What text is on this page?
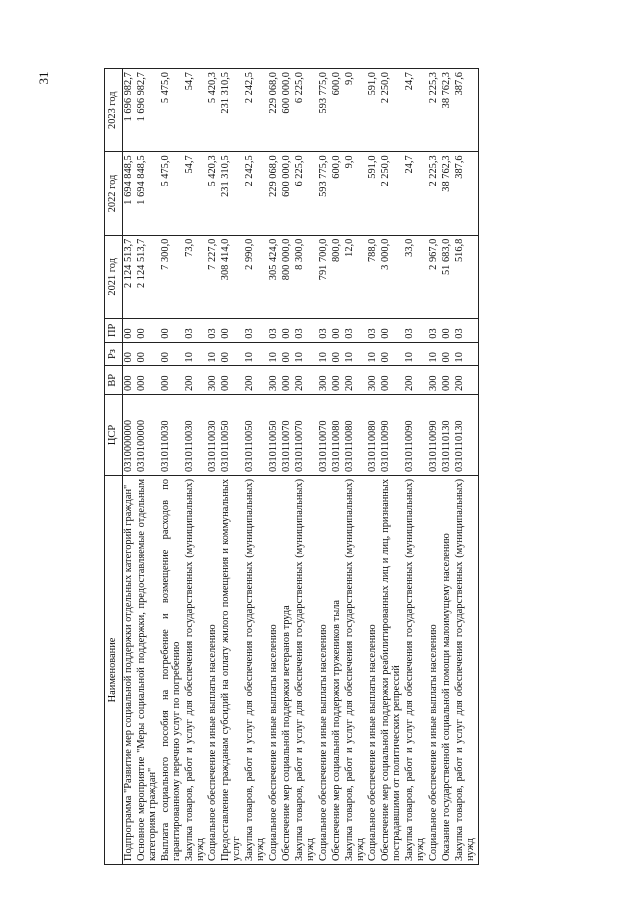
31
Наименование	ЦСР	ВР	Рз	ПР	2021 год	2022 год	2023 год
Подпрограмма "Развитие мер социальной поддержки отдельных категорий граждан"	0310000000	000	00	00	2 124 513,7	1 694 848,5	1 696 982,7
Основное мероприятие "Меры социальной поддержки, предоставляемые отдельным категориям граждан"	0310100000	000	00	00	2 124 513,7	1 694 848,5	1 696 982,7
Выплата социального пособия на погребение и возмещение расходов по гарантированному перечню услуг по погребению	0310110030	000	00	00	7 300,0	5 475,0	5 475,0
Закупка товаров, работ и услуг для обеспечения государственных (муниципальных) нужд	0310110030	200	10	03	73,0	54,7	54,7
Социальное обеспечение и иные выплаты населению	0310110030	300	10	03	7 227,0	5 420,3	5 420,3
Предоставление гражданам субсидий на оплату жилого помещения и коммунальных услуг	0310110050	000	00	00	308 414,0	231 310,5	231 310,5
Закупка товаров, работ и услуг для обеспечения государственных (муниципальных) нужд	0310110050	200	10	03	2 990,0	2 242,5	2 242,5
Социальное обеспечение и иные выплаты населению	0310110050	300	10	03	305 424,0	229 068,0	229 068,0
Обеспечение мер социальной поддержки ветеранов труда	0310110070	000	00	00	800 000,0	600 000,0	600 000,0
Закупка товаров, работ и услуг для обеспечения государственных (муниципальных) нужд	0310110070	200	10	03	8 300,0	6 225,0	6 225,0
Социальное обеспечение и иные выплаты населению	0310110070	300	10	03	791 700,0	593 775,0	593 775,0
Обеспечение мер социальной поддержки тружеников тыла	0310110080	000	00	00	800,0	600,0	600,0
Закупка товаров, работ и услуг для обеспечения государственных (муниципальных) нужд	0310110080	200	10	03	12,0	9,0	9,0
Социальное обеспечение и иные выплаты населению	0310110080	300	10	03	788,0	591,0	591,0
Обеспечение мер социальной поддержки реабилитированных лиц и лиц, признанных пострадавшими от политических репрессий	0310110090	000	00	00	3 000,0	2 250,0	2 250,0
Закупка товаров, работ и услуг для обеспечения государственных (муниципальных) нужд	0310110090	200	10	03	33,0	24,7	24,7
Социальное обеспечение и иные выплаты населению	0310110090	300	10	03	2 967,0	2 225,3	2 225,3
Оказание государственной социальной помощи малоимущему населению	0310110130	000	00	00	51 683,0	38 762,3	38 762,3
Закупка товаров, работ и услуг для обеспечения государственных (муниципальных) нужд	0310110130	200	10	03	516,8	387,6	387,6
